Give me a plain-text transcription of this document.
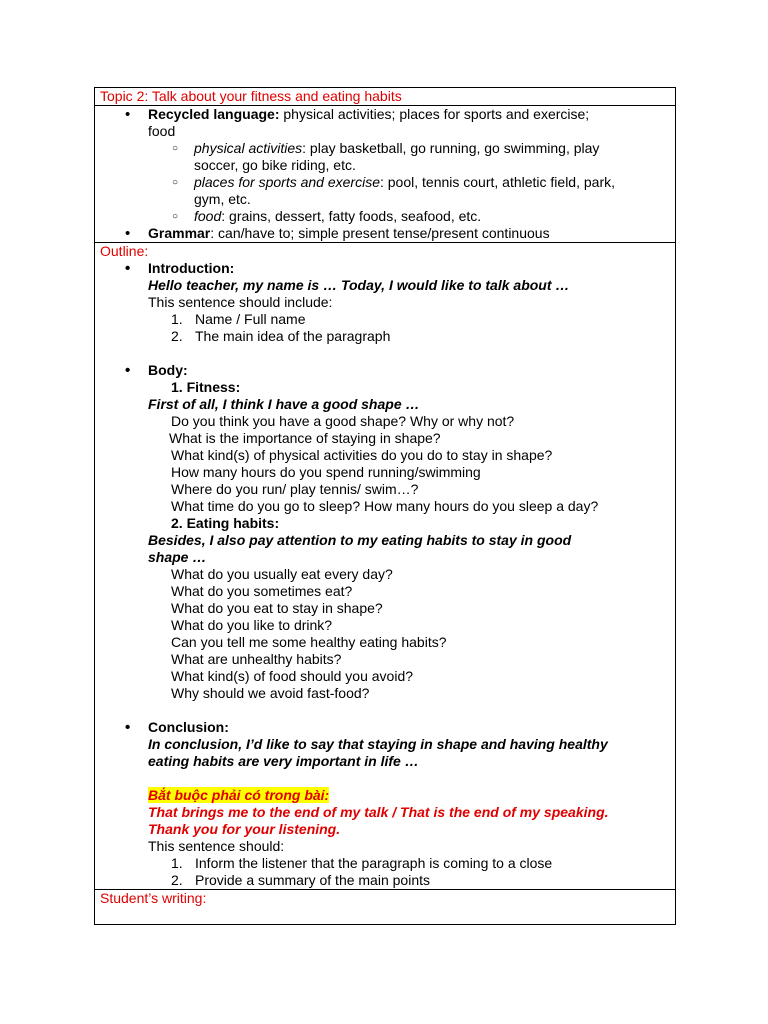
Topic 2: Talk about your fitness and eating habits
• Recycled language: physical activities; places for sports and exercise;
food
○ physical activities: play basketball, go running, go swimming, play
soccer, go bike riding, etc.
○ places for sports and exercise: pool, tennis court, athletic field, park,
gym, etc.
○ food: grains, dessert, fatty foods, seafood, etc.
• Grammar: can/have to; simple present tense/present continuous
Outline:
• Introduction:
Hello teacher, my name is … Today, I would like to talk about …
This sentence should include:
1. Name / Full name
2. The main idea of the paragraph
• Body:
1. Fitness:
First of all, I think I have a good shape …
Do you think you have a good shape? Why or why not?
What is the importance of staying in shape?
What kind(s) of physical activities do you do to stay in shape?
How many hours do you spend running/swimming
Where do you run/ play tennis/ swim…?
What time do you go to sleep? How many hours do you sleep a day?
2. Eating habits:
Besides, I also pay attention to my eating habits to stay in good
shape …
What do you usually eat every day?
What do you sometimes eat?
What do you eat to stay in shape?
What do you like to drink?
Can you tell me some healthy eating habits?
What are unhealthy habits?
What kind(s) of food should you avoid?
Why should we avoid fast-food?
• Conclusion:
In conclusion, I’d like to say that staying in shape and having healthy
eating habits are very important in life …
Bắt buộc phải có trong bài:
That brings me to the end of my talk / That is the end of my speaking.
Thank you for your listening.
This sentence should:
1. Inform the listener that the paragraph is coming to a close
2. Provide a summary of the main points
Student’s writing:
